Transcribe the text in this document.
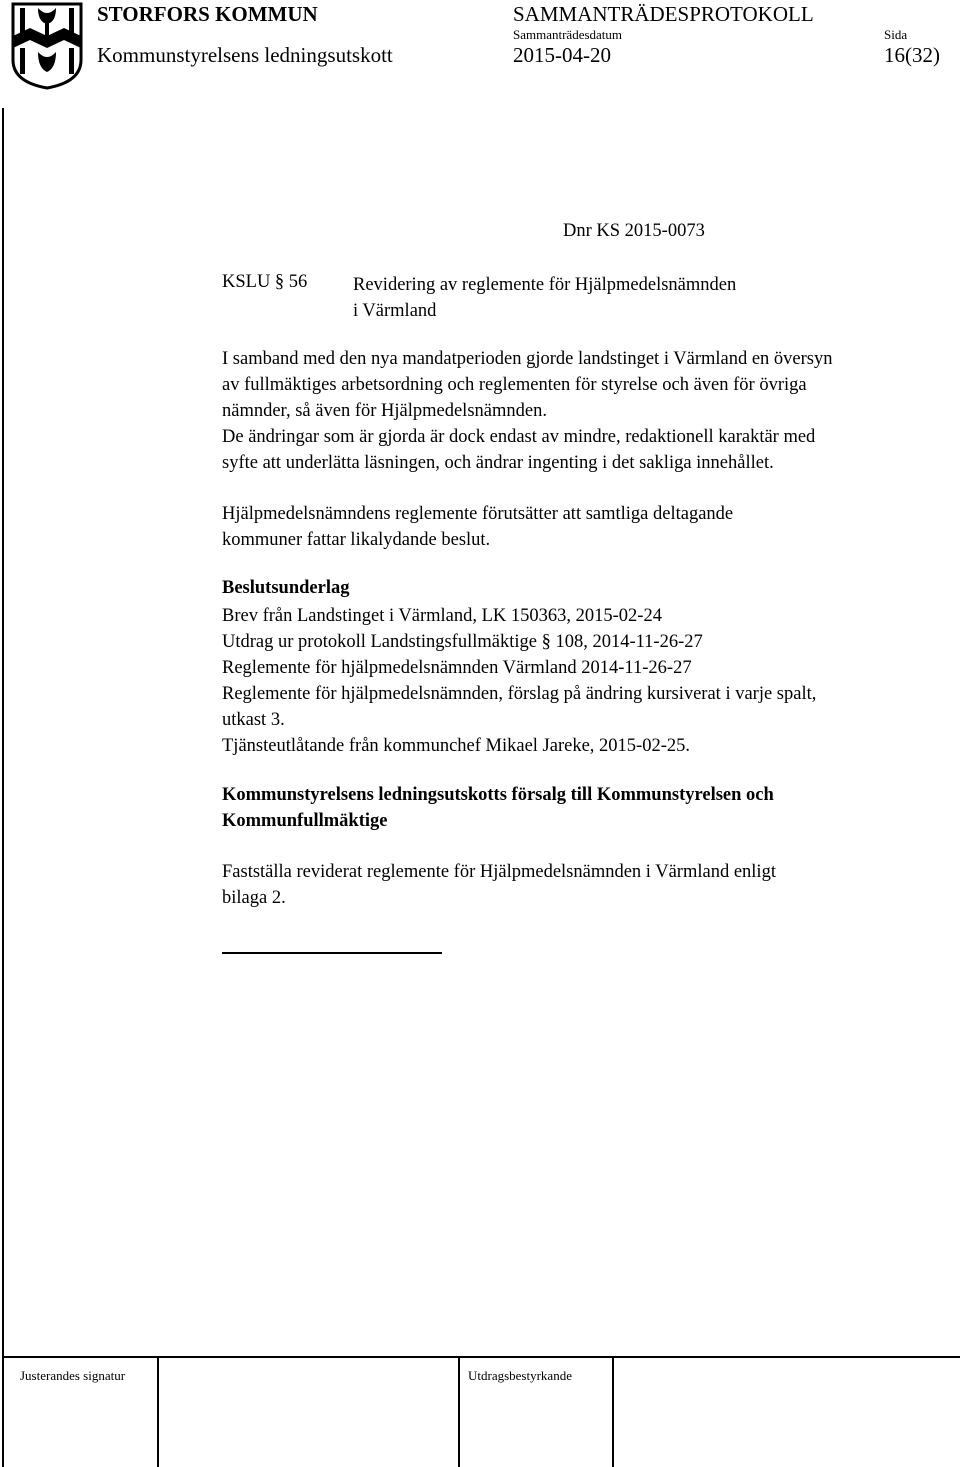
STORFORS KOMMUN	SAMMANTRÄDESPROTOKOLL
Kommunstyrelsens ledningsutskott
Sammanträdesdatum
2015-04-20
Sida
16(32)
Dnr KS 2015-0073
KSLU § 56 Revidering av reglemente för Hjälpmedelsnämnden
i Värmland
I samband med den nya mandatperioden gjorde landstinget i Värmland en översyn
av fullmäktiges arbetsordning och reglementen för styrelse och även för övriga
nämnder, så även för Hjälpmedelsnämnden.
De ändringar som är gjorda är dock endast av mindre, redaktionell karaktär med
syfte att underlätta läsningen, och ändrar ingenting i det sakliga innehållet.
Hjälpmedelsnämndens reglemente förutsätter att samtliga deltagande
kommuner fattar likalydande beslut.
Beslutsunderlag
Brev från Landstinget i Värmland, LK 150363, 2015-02-24
Utdrag ur protokoll Landstingsfullmäktige § 108, 2014-11-26-27
Reglemente för hjälpmedelsnämnden Värmland 2014-11-26-27
Reglemente för hjälpmedelsnämnden, förslag på ändring kursiverat i varje spalt,
utkast 3.
Tjänsteutlåtande från kommunchef Mikael Jareke, 2015-02-25.
Kommunstyrelsens ledningsutskotts försalg till Kommunstyrelsen och
Kommunfullmäktige
Fastställa reviderat reglemente för Hjälpmedelsnämnden i Värmland enligt
bilaga 2.
Justerandes signatur	Utdragsbestyrkande
